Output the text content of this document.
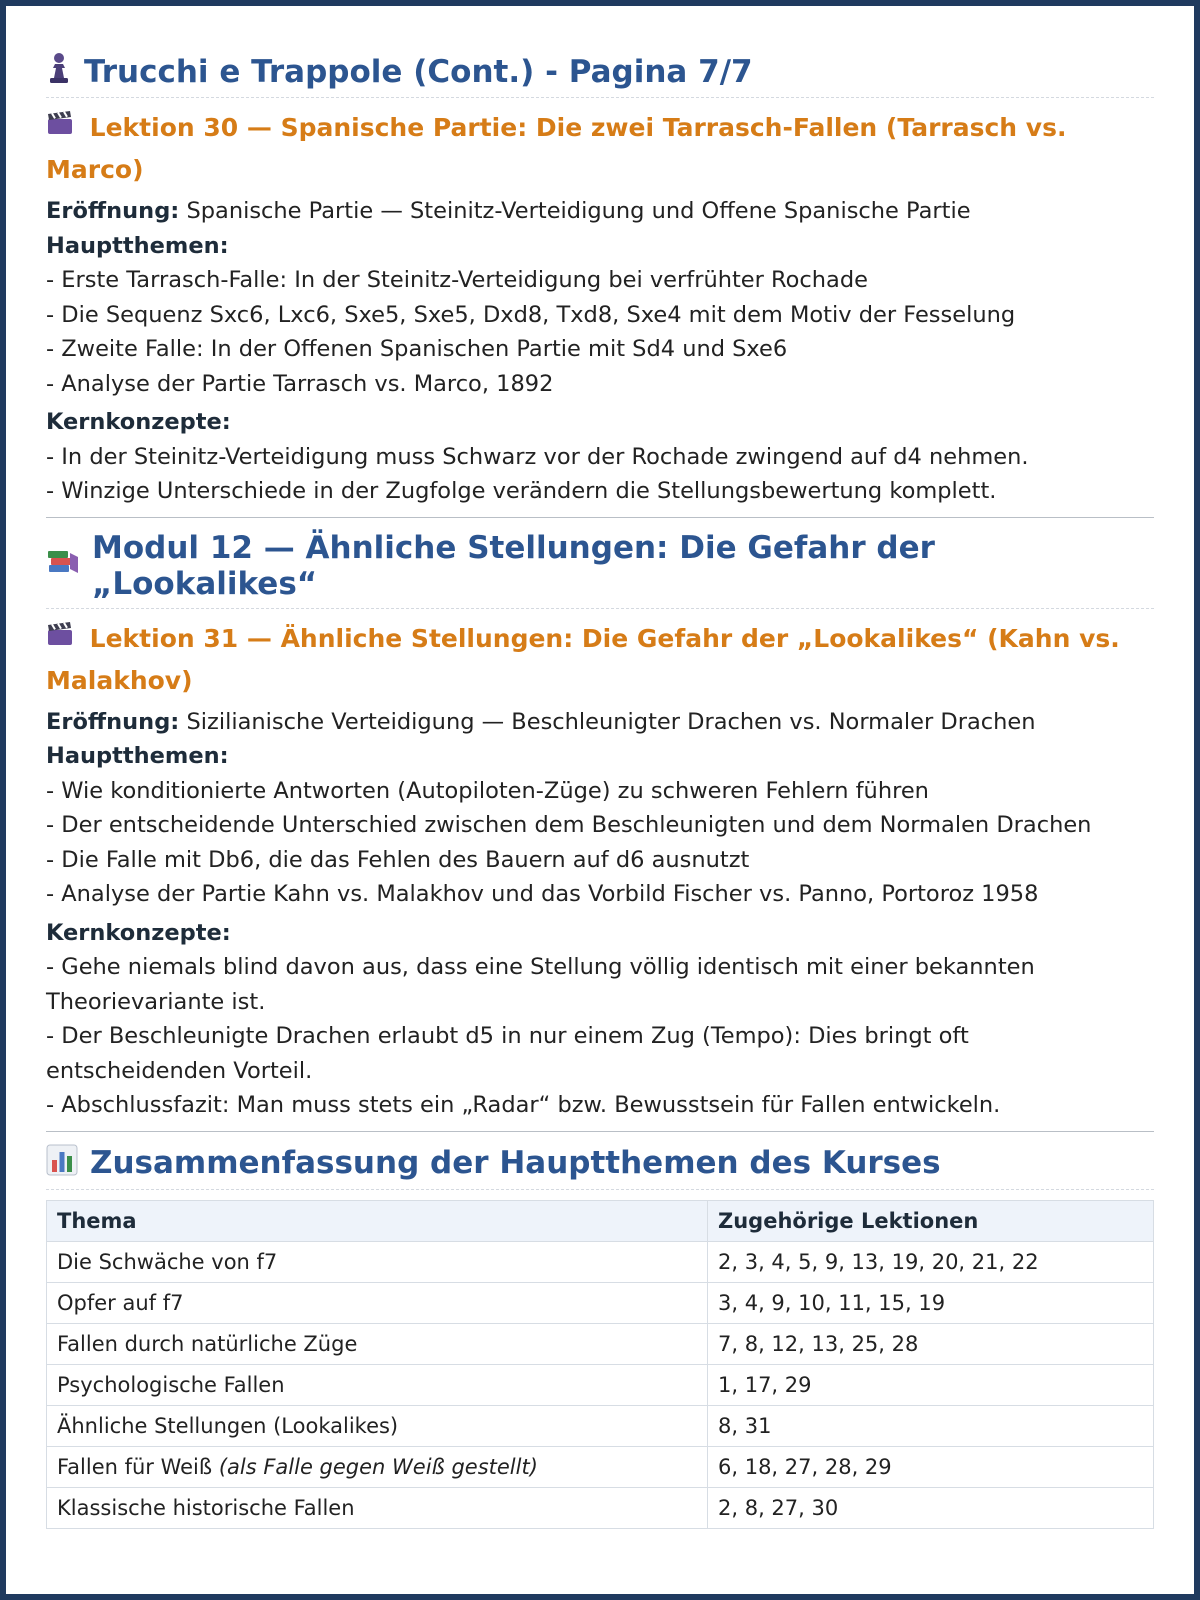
Trucchi e Trappole (Cont.) - Pagina 7/7
Lektion 30 — Spanische Partie: Die zwei Tarrasch-Fallen (Tarrasch vs. Marco)
Eröffnung: Spanische Partie — Steinitz-Verteidigung und Offene Spanische Partie
Hauptthemen:
- Erste Tarrasch-Falle: In der Steinitz-Verteidigung bei verfrühter Rochade
- Die Sequenz Sxc6, Lxc6, Sxe5, Sxe5, Dxd8, Txd8, Sxe4 mit dem Motiv der Fesselung
- Zweite Falle: In der Offenen Spanischen Partie mit Sd4 und Sxe6
- Analyse der Partie Tarrasch vs. Marco, 1892
Kernkonzepte:
- In der Steinitz-Verteidigung muss Schwarz vor der Rochade zwingend auf d4 nehmen.
- Winzige Unterschiede in der Zugfolge verändern die Stellungsbewertung komplett.
Modul 12 — Ähnliche Stellungen: Die Gefahr der „Lookalikes“
Lektion 31 — Ähnliche Stellungen: Die Gefahr der „Lookalikes“ (Kahn vs. Malakhov)
Eröffnung: Sizilianische Verteidigung — Beschleunigter Drachen vs. Normaler Drachen
Hauptthemen:
- Wie konditionierte Antworten (Autopiloten-Züge) zu schweren Fehlern führen
- Der entscheidende Unterschied zwischen dem Beschleunigten und dem Normalen Drachen
- Die Falle mit Db6, die das Fehlen des Bauern auf d6 ausnutzt
- Analyse der Partie Kahn vs. Malakhov und das Vorbild Fischer vs. Panno, Portoroz 1958
Kernkonzepte:
- Gehe niemals blind davon aus, dass eine Stellung völlig identisch mit einer bekannten Theorievariante ist.
- Der Beschleunigte Drachen erlaubt d5 in nur einem Zug (Tempo): Dies bringt oft entscheidenden Vorteil.
- Abschlussfazit: Man muss stets ein „Radar“ bzw. Bewusstsein für Fallen entwickeln.
Zusammenfassung der Hauptthemen des Kurses
Thema	Zugehörige Lektionen
Die Schwäche von f7	2, 3, 4, 5, 9, 13, 19, 20, 21, 22
Opfer auf f7	3, 4, 9, 10, 11, 15, 19
Fallen durch natürliche Züge	7, 8, 12, 13, 25, 28
Psychologische Fallen	1, 17, 29
Ähnliche Stellungen (Lookalikes)	8, 31
Fallen für Weiß (als Falle gegen Weiß gestellt)	6, 18, 27, 28, 29
Klassische historische Fallen	2, 8, 27, 30
